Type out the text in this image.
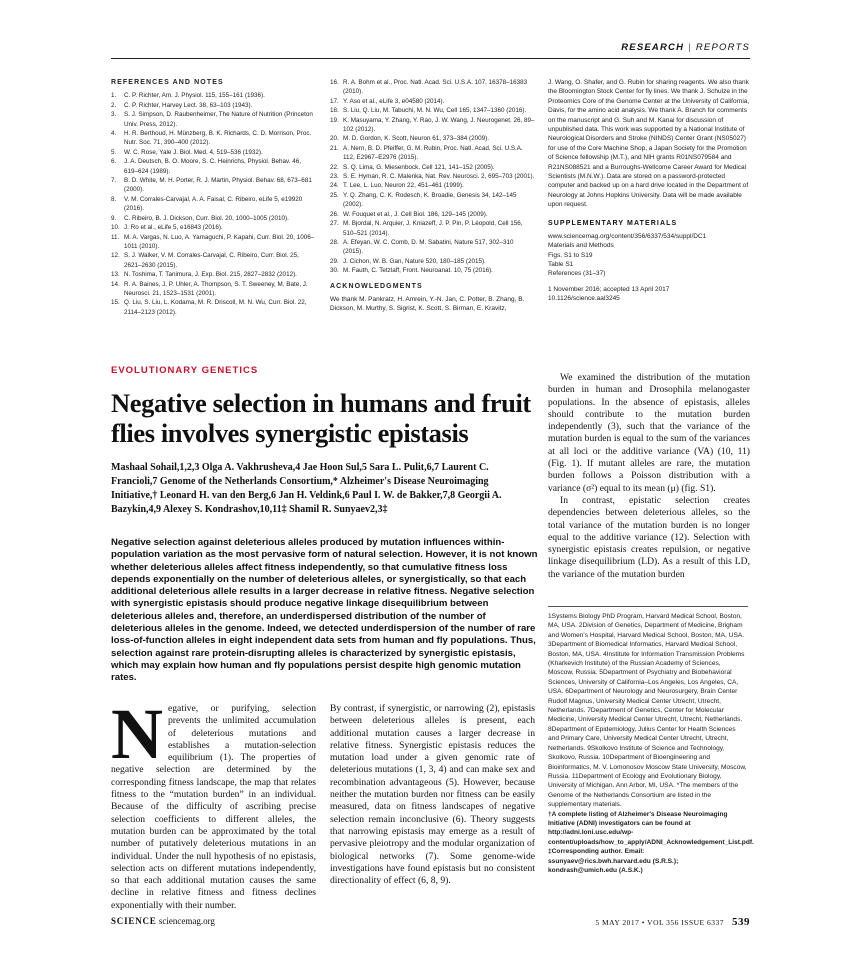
RESEARCH | REPORTS
REFERENCES AND NOTES
1.	C. P. Richter, Am. J. Physiol. 115, 155–161 (1936).
2.	C. P. Richter, Harvey Lect. 38, 63–103 (1943).
3.	S. J. Simpson, D. Raubenheimer, The Nature of Nutrition (Princeton Univ. Press, 2012).
4.	H. R. Berthoud, H. Münzberg, B. K. Richards, C. D. Morrison, Proc. Nutr. Soc. 71, 390–400 (2012).
5.	W. C. Rose, Yale J. Biol. Med. 4, 519–536 (1932).
6.	J. A. Deutsch, B. O. Moore, S. C. Heinrichs, Physiol. Behav. 46, 619–624 (1989).
7.	B. D. White, M. H. Porter, R. J. Martin, Physiol. Behav. 68, 673–681 (2000).
8.	V. M. Corrales-Carvajal, A. A. Faisal, C. Ribeiro, eLife 5, e19920 (2016).
9.	C. Ribeiro, B. J. Dickson, Curr. Biol. 20, 1000–1005 (2010).
10. J. Ro et al., eLife 5, e16843 (2016).
11. M. A. Vargas, N. Luo, A. Yamaguchi, P. Kapahi, Curr. Biol. 20, 1006–1011 (2010).
12. S. J. Walker, V. M. Corrales-Carvajal, C. Ribeiro, Curr. Biol. 25, 2621–2630 (2015).
13. N. Toshima, T. Tanimura, J. Exp. Biol. 215, 2827–2832 (2012).
14. R. A. Baines, J. P. Uhler, A. Thompson, S. T. Sweeney, M. Bate, J. Neurosci. 21, 1523–1531 (2001).
15. Q. Liu, S. Liu, L. Kodama, M. R. Driscoll, M. N. Wu, Curr. Biol. 22, 2114–2123 (2012).
16. R. A. Bohm et al., Proc. Natl. Acad. Sci. U.S.A. 107, 16378–16383 (2010).
17. Y. Aso et al., eLife 3, e04580 (2014).
18. S. Liu, Q. Liu, M. Tabuchi, M. N. Wu, Cell 165, 1347–1360 (2016).
19. K. Masuyama, Y. Zhang, Y. Rao, J. W. Wang, J. Neurogenet. 26, 89–102 (2012).
20. M. D. Gordon, K. Scott, Neuron 61, 373–384 (2009).
21. A. Nern, B. D. Pfeiffer, G. M. Rubin, Proc. Natl. Acad. Sci. U.S.A. 112, E2967–E2976 (2015).
22. S. Q. Lima, G. Miesenbock, Cell 121, 141–152 (2005).
23. S. E. Hyman, R. C. Malenka, Nat. Rev. Neurosci. 2, 695–703 (2001).
24. T. Lee, L. Luo, Neuron 22, 451–461 (1999).
25. Y. Q. Zhang, C. K. Rodesch, K. Broadie, Genesis 34, 142–145 (2002).
26. W. Fouquet et al., J. Cell Biol. 186, 129–145 (2009).
27. M. Bjordal, N. Arquier, J. Kniazeff, J. P. Pin, P. Léopold, Cell 156, 510–521 (2014).
28. A. Efeyan, W. C. Comb, D. M. Sabatini, Nature 517, 302–310 (2015).
29. J. Cichon, W. B. Gan, Nature 520, 180–185 (2015).
30. M. Fauth, C. Tetzlaff, Front. Neuroanat. 10, 75 (2016).
ACKNOWLEDGMENTS
We thank M. Pankratz, H. Amrein, Y.-N. Jan, C. Potter, B. Zhang, B. Dickson, M. Murthy, S. Sigrist, K. Scott, S. Birman, E. Kravitz,
J. Wang, O. Shafer, and G. Rubin for sharing reagents. We also thank the Bloomington Stock Center for fly lines. We thank J. Schulze in the Proteomics Core of the Genome Center at the University of California, Davis, for the amino acid analysis. We thank A. Branch for comments on the manuscript and G. Suh and M. Kanai for discussion of unpublished data. This work was supported by a National Institute of Neurological Disorders and Stroke (NINDS) Center Grant (NS05027) for use of the Core Machine Shop, a Japan Society for the Promotion of Science fellowship (M.T.), and NIH grants R01NS079584 and R21NS088521 and a Burroughs-Wellcome Career Award for Medical Scientists (M.N.W.). Data are stored on a password-protected computer and backed up on a hard drive located in the Department of Neurology at Johns Hopkins University. Data will be made available upon request.
SUPPLEMENTARY MATERIALS
www.sciencemag.org/content/356/6337/534/suppl/DC1
Materials and Methods
Figs. S1 to S19
Table S1
References (31–37)
1 November 2016; accepted 13 April 2017
10.1126/science.aal3245
EVOLUTIONARY GENETICS
Negative selection in humans and fruit flies involves synergistic epistasis
Mashaal Sohail,1,2,3 Olga A. Vakhrusheva,4 Jae Hoon Sul,5 Sara L. Pulit,6,7 Laurent C. Francioli,7 Genome of the Netherlands Consortium,* Alzheimer's Disease Neuroimaging Initiative,† Leonard H. van den Berg,6 Jan H. Veldink,6 Paul I. W. de Bakker,7,8 Georgii A. Bazykin,4,9 Alexey S. Kondrashov,10,11‡ Shamil R. Sunyaev2,3‡
Negative selection against deleterious alleles produced by mutation influences within-population variation as the most pervasive form of natural selection. However, it is not known whether deleterious alleles affect fitness independently, so that cumulative fitness loss depends exponentially on the number of deleterious alleles, or synergistically, so that each additional deleterious allele results in a larger decrease in relative fitness. Negative selection with synergistic epistasis should produce negative linkage disequilibrium between deleterious alleles and, therefore, an underdispersed distribution of the number of deleterious alleles in the genome. Indeed, we detected underdispersion of the number of rare loss-of-function alleles in eight independent data sets from human and fly populations. Thus, selection against rare protein-disrupting alleles is characterized by synergistic epistasis, which may explain how human and fly populations persist despite high genomic mutation rates.
Negative, or purifying, selection prevents the unlimited accumulation of deleterious mutations and establishes a mutation-selection equilibrium (1). The properties of negative selection are determined by the corresponding fitness landscape, the map that relates fitness to the “mutation burden” in an individual. Because of the difficulty of ascribing precise selection coefficients to different alleles, the mutation burden can be approximated by the total number of putatively deleterious mutations in an individual. Under the null hypothesis of no epistasis, selection acts on different mutations independently, so that each additional mutation causes the same decline in relative fitness and fitness declines exponentially with their number.
By contrast, if synergistic, or narrowing (2), epistasis between deleterious alleles is present, each additional mutation causes a larger decrease in relative fitness. Synergistic epistasis reduces the mutation load under a given genomic rate of deleterious mutations (1, 3, 4) and can make sex and recombination advantageous (5). However, because neither the mutation burden nor fitness can be easily measured, data on fitness landscapes of negative selection remain inconclusive (6). Theory suggests that narrowing epistasis may emerge as a result of pervasive pleiotropy and the modular organization of biological networks (7). Some genome-wide investigations have found epistasis but no consistent directionality of effect (6, 8, 9).

We examined the distribution of the mutation burden in human and Drosophila melanogaster populations. In the absence of epistasis, alleles should contribute to the mutation burden independently (3), such that the variance of the mutation burden is equal to the sum of the variances at all loci or the additive variance (VA) (10, 11) (Fig. 1). If mutant alleles are rare, the mutation burden follows a Poisson distribution with a variance (σ²) equal to its mean (μ) (fig. S1).

In contrast, epistatic selection creates dependencies between deleterious alleles, so the total variance of the mutation burden is no longer equal to the additive variance (12). Selection with synergistic epistasis creates repulsion, or negative linkage disequilibrium (LD). As a result of this LD, the variance of the mutation burden

1Systems Biology PhD Program, Harvard Medical School, Boston, MA, USA. 2Division of Genetics, Department of Medicine, Brigham and Women's Hospital, Harvard Medical School, Boston, MA, USA. 3Department of Biomedical Informatics, Harvard Medical School, Boston, MA, USA. 4Institute for Information Transmission Problems (Kharkevich Institute) of the Russian Academy of Sciences, Moscow, Russia. 5Department of Psychiatry and Biobehavioral Sciences, University of California–Los Angeles, Los Angeles, CA, USA. 6Department of Neurology and Neurosurgery, Brain Center Rudolf Magnus, University Medical Center Utrecht, Utrecht, Netherlands. 7Department of Genetics, Center for Molecular Medicine, University Medical Center Utrecht, Utrecht, Netherlands. 8Department of Epidemiology, Julius Center for Health Sciences and Primary Care, University Medical Center Utrecht, Utrecht, Netherlands. 9Skolkovo Institute of Science and Technology, Skolkovo, Russia. 10Department of Bioengineering and Bioinformatics, M. V. Lomonosov Moscow State University, Moscow, Russia. 11Department of Ecology and Evolutionary Biology, University of Michigan, Ann Arbor, MI, USA. *The members of the Genome of the Netherlands Consortium are listed in the supplementary materials.
†A complete listing of Alzheimer's Disease Neuroimaging Initiative (ADNI) investigators can be found at http://adni.loni.usc.edu/wp-content/uploads/how_to_apply/ADNI_Acknowledgement_List.pdf.
‡Corresponding author. Email: ssunyaev@rics.bwh.harvard.edu (S.R.S.); kondrash@umich.edu (A.S.K.)
SCIENCE sciencemag.org	5 MAY 2017 • VOL 356 ISSUE 6337 539
